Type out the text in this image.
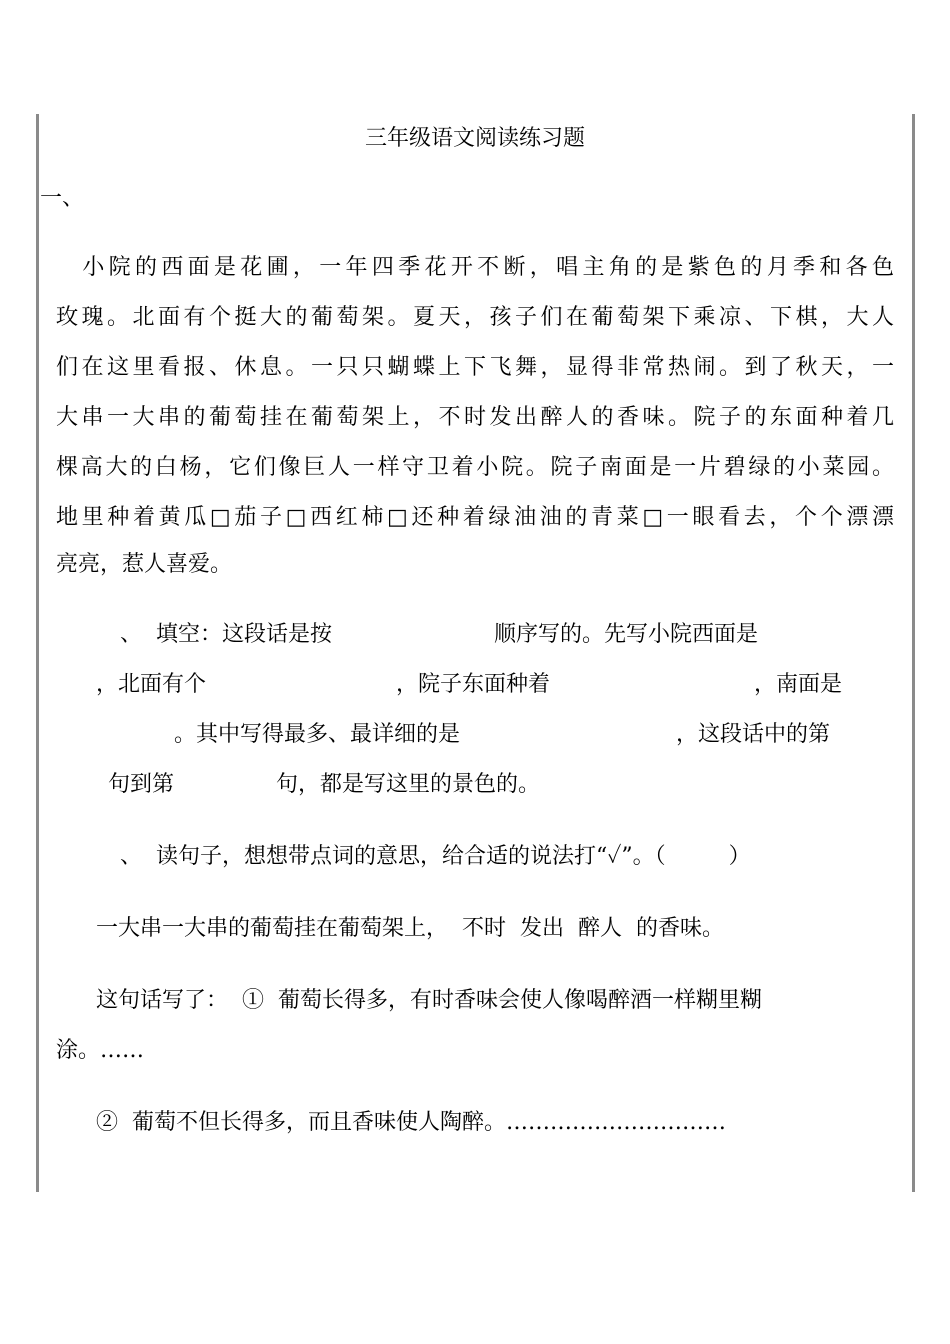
三年级语文阅读练习题
一、
　小院的西面是花圃，一年四季花开不断，唱主角的是紫色的月季和各色
玫瑰。北面有个挺大的葡萄架。夏天，孩子们在葡萄架下乘凉、下棋，大人
们在这里看报、休息。一只只蝴蝶上下飞舞，显得非常热闹。到了秋天，一
大串一大串的葡萄挂在葡萄架上，不时发出醉人的香味。院子的东面种着几
棵高大的白杨，它们像巨人一样守卫着小院。院子南面是一片碧绿的小菜园。
地里种着黄瓜□茄子□西红柿□还种着绿油油的青菜□一眼看去，个个漂漂
亮亮，惹人喜爱。
、  填空：这段话是按	顺序写的。先写小院西面是
，北面有个	，院子东面种着	，南面是
。其中写得最多、最详细的是	，这段话中的第
句到第	句，都是写这里的景色的。
、  读句子，想想带点词的意思，给合适的说法打“✓”。（         ）
一大串一大串的葡萄挂在葡萄架上，  不时  发出  醉人  的香味。
这句话写了：  ①  葡萄长得多，有时香味会使人像喝醉酒一样糊里糊
涂。……
②  葡萄不但长得多，而且香味使人陶醉。…………………………
